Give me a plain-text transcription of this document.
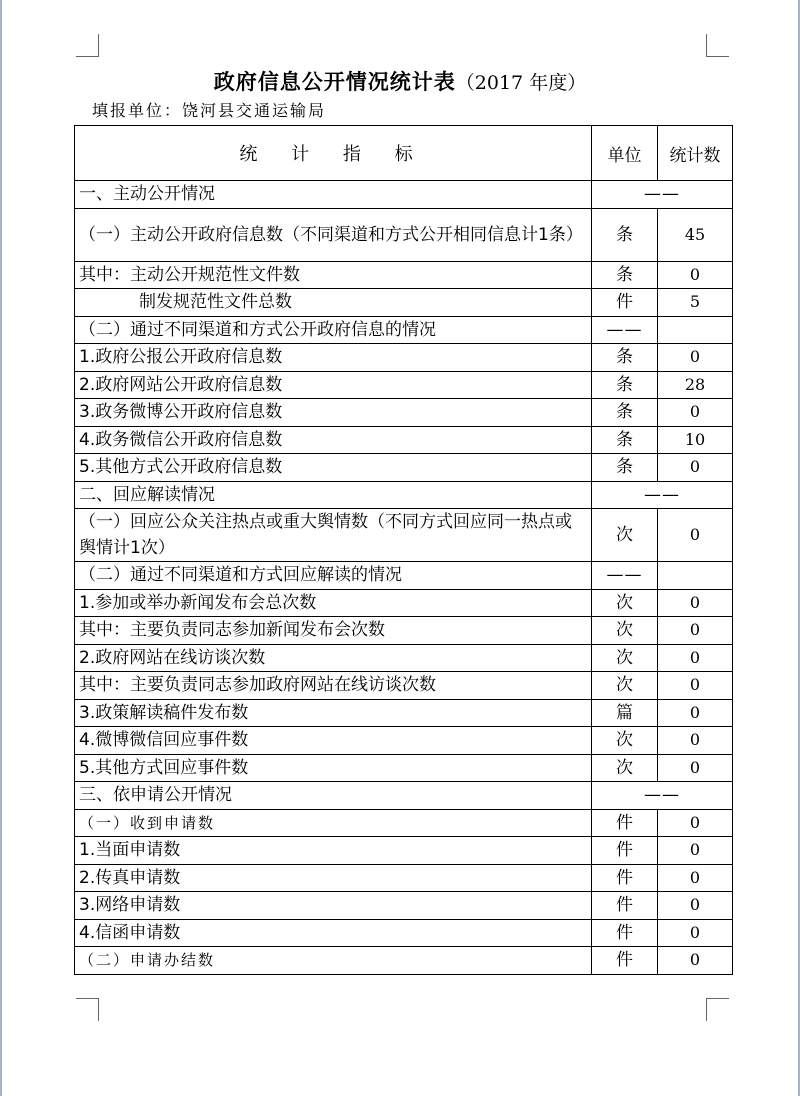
政府信息公开情况统计表（2017 年度）
填报单位：饶河县交通运输局
统 计 指 标	单位	统计数
一、主动公开情况	——	
（一）主动公开政府信息数（不同渠道和方式公开相同信息计1条）	条	45
其中：主动公开规范性文件数	条	0
制发规范性文件总数	件	5
（二）通过不同渠道和方式公开政府信息的情况	——	
1.政府公报公开政府信息数	条	0
2.政府网站公开政府信息数	条	28
3.政务微博公开政府信息数	条	0
4.政务微信公开政府信息数	条	10
5.其他方式公开政府信息数	条	0
二、回应解读情况	——	
（一）回应公众关注热点或重大舆情数（不同方式回应同一热点或舆情计1次）	次	0
（二）通过不同渠道和方式回应解读的情况	——	
1.参加或举办新闻发布会总次数	次	0
其中：主要负责同志参加新闻发布会次数	次	0
2.政府网站在线访谈次数	次	0
其中：主要负责同志参加政府网站在线访谈次数	次	0
3.政策解读稿件发布数	篇	0
4.微博微信回应事件数	次	0
5.其他方式回应事件数	次	0
三、依申请公开情况	——	
（一）收到申请数	件	0
1.当面申请数	件	0
2.传真申请数	件	0
3.网络申请数	件	0
4.信函申请数	件	0
（二）申请办结数	件	0
